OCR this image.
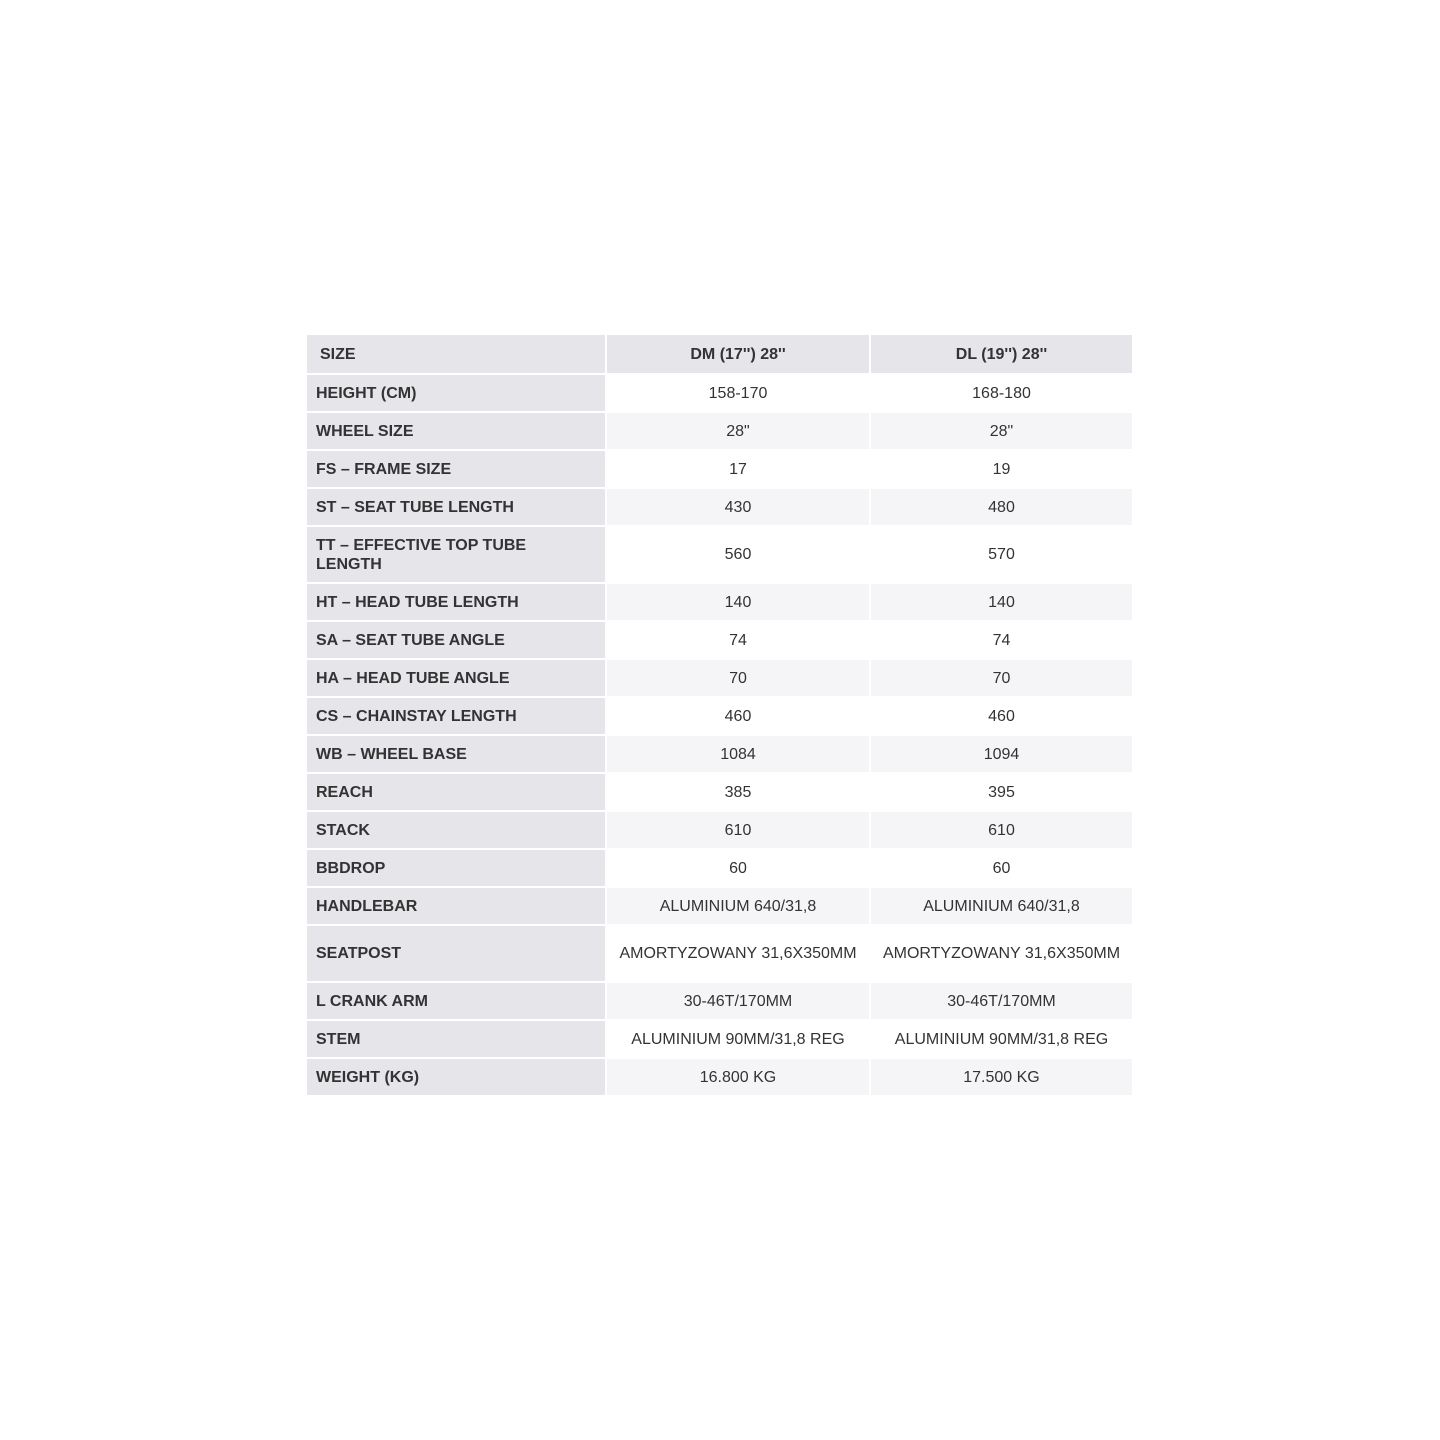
SIZE	DM (17'') 28''	DL (19'') 28''
HEIGHT (CM)	158-170	168-180
WHEEL SIZE	28"	28"
FS – FRAME SIZE	17	19
ST – SEAT TUBE LENGTH	430	480
TT – EFFECTIVE TOP TUBE LENGTH	560	570
HT – HEAD TUBE LENGTH	140	140
SA – SEAT TUBE ANGLE	74	74
HA – HEAD TUBE ANGLE	70	70
CS – CHAINSTAY LENGTH	460	460
WB – WHEEL BASE	1084	1094
REACH	385	395
STACK	610	610
BBDROP	60	60
HANDLEBAR	ALUMINIUM 640/31,8	ALUMINIUM 640/31,8
SEATPOST	AMORTYZOWANY 31,6X350MM	AMORTYZOWANY 31,6X350MM
L CRANK ARM	30-46T/170MM	30-46T/170MM
STEM	ALUMINIUM 90MM/31,8 REG	ALUMINIUM 90MM/31,8 REG
WEIGHT (KG)	16.800 KG	17.500 KG
